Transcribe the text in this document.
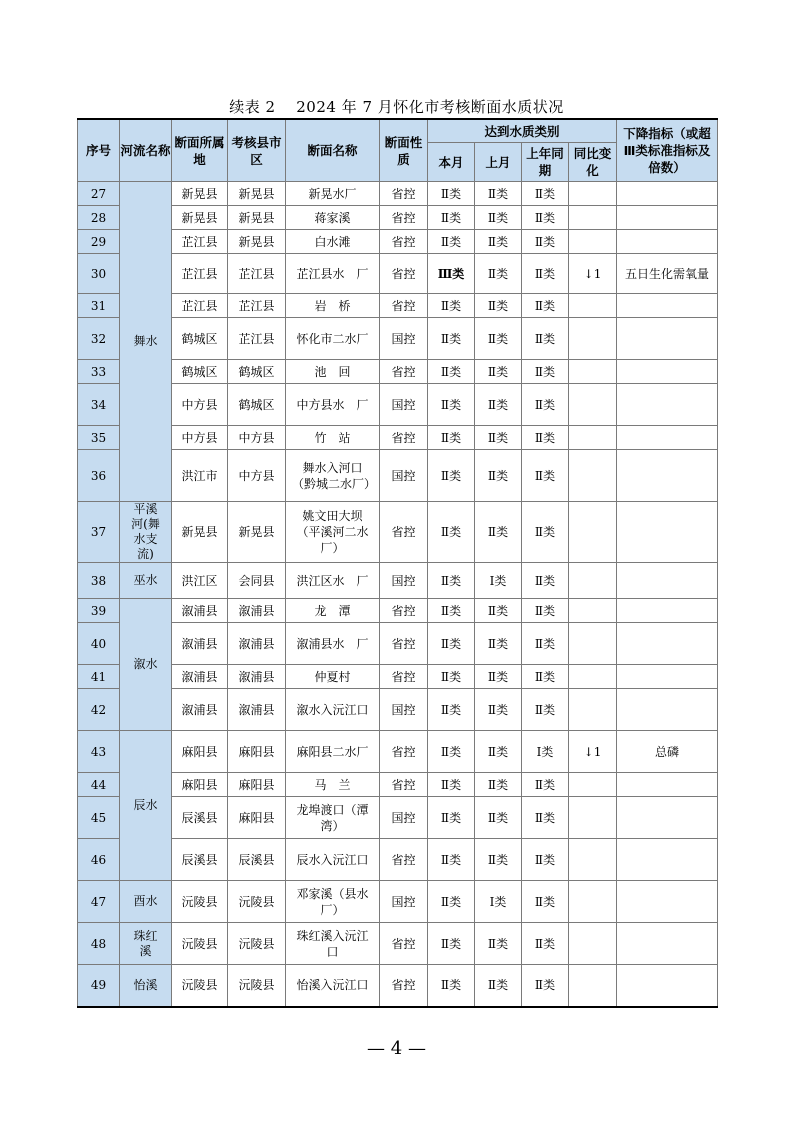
续表 2　 2024 年 7 月怀化市考核断面水质状况
序号	河流名称	断面所属地	考核县市区	断面名称	断面性质	达到水质类别				下降指标（或超Ⅲ类标准指标及倍数）
						本月	上月	上年同期	同比变化	
27	舞水	新晃县	新晃县	新晃水厂	省控	Ⅱ类	Ⅱ类	Ⅱ类		
28		新晃县	新晃县	蒋家溪	省控	Ⅱ类	Ⅱ类	Ⅱ类		
29		芷江县	新晃县	白水滩	省控	Ⅱ类	Ⅱ类	Ⅱ类		
30		芷江县	芷江县	芷江县水　厂	省控	Ⅲ类	Ⅱ类	Ⅱ类	↓1	五日生化需氧量
31		芷江县	芷江县	岩　桥	省控	Ⅱ类	Ⅱ类	Ⅱ类		
32		鹤城区	芷江县	怀化市二水厂	国控	Ⅱ类	Ⅱ类	Ⅱ类		
33		鹤城区	鹤城区	池　回	省控	Ⅱ类	Ⅱ类	Ⅱ类		
34		中方县	鹤城区	中方县水　厂	国控	Ⅱ类	Ⅱ类	Ⅱ类		
35		中方县	中方县	竹　站	省控	Ⅱ类	Ⅱ类	Ⅱ类		
36		洪江市	中方县	舞水入河口（黔城二水厂）	国控	Ⅱ类	Ⅱ类	Ⅱ类		
37	平溪河(舞水支流)	新晃县	新晃县	姚文田大坝（平溪河二水厂）	省控	Ⅱ类	Ⅱ类	Ⅱ类		
38	巫水	洪江区	会同县	洪江区水　厂	国控	Ⅱ类	Ⅰ类	Ⅱ类		
39	溆水	溆浦县	溆浦县	龙　潭	省控	Ⅱ类	Ⅱ类	Ⅱ类		
40		溆浦县	溆浦县	溆浦县水　厂	省控	Ⅱ类	Ⅱ类	Ⅱ类		
41		溆浦县	溆浦县	仲夏村	省控	Ⅱ类	Ⅱ类	Ⅱ类		
42		溆浦县	溆浦县	溆水入沅江口	国控	Ⅱ类	Ⅱ类	Ⅱ类		
43	辰水	麻阳县	麻阳县	麻阳县二水厂	省控	Ⅱ类	Ⅱ类	Ⅰ类	↓1	总磷
44		麻阳县	麻阳县	马　兰	省控	Ⅱ类	Ⅱ类	Ⅱ类		
45		辰溪县	麻阳县	龙埠渡口（潭湾）	国控	Ⅱ类	Ⅱ类	Ⅱ类		
46		辰溪县	辰溪县	辰水入沅江口	省控	Ⅱ类	Ⅱ类	Ⅱ类		
47	酉水	沅陵县	沅陵县	邓家溪（县水厂）	国控	Ⅱ类	Ⅰ类	Ⅱ类		
48	珠红溪	沅陵县	沅陵县	珠红溪入沅江口	省控	Ⅱ类	Ⅱ类	Ⅱ类		
49	怡溪	沅陵县	沅陵县	怡溪入沅江口	省控	Ⅱ类	Ⅱ类	Ⅱ类		
— 4 —
